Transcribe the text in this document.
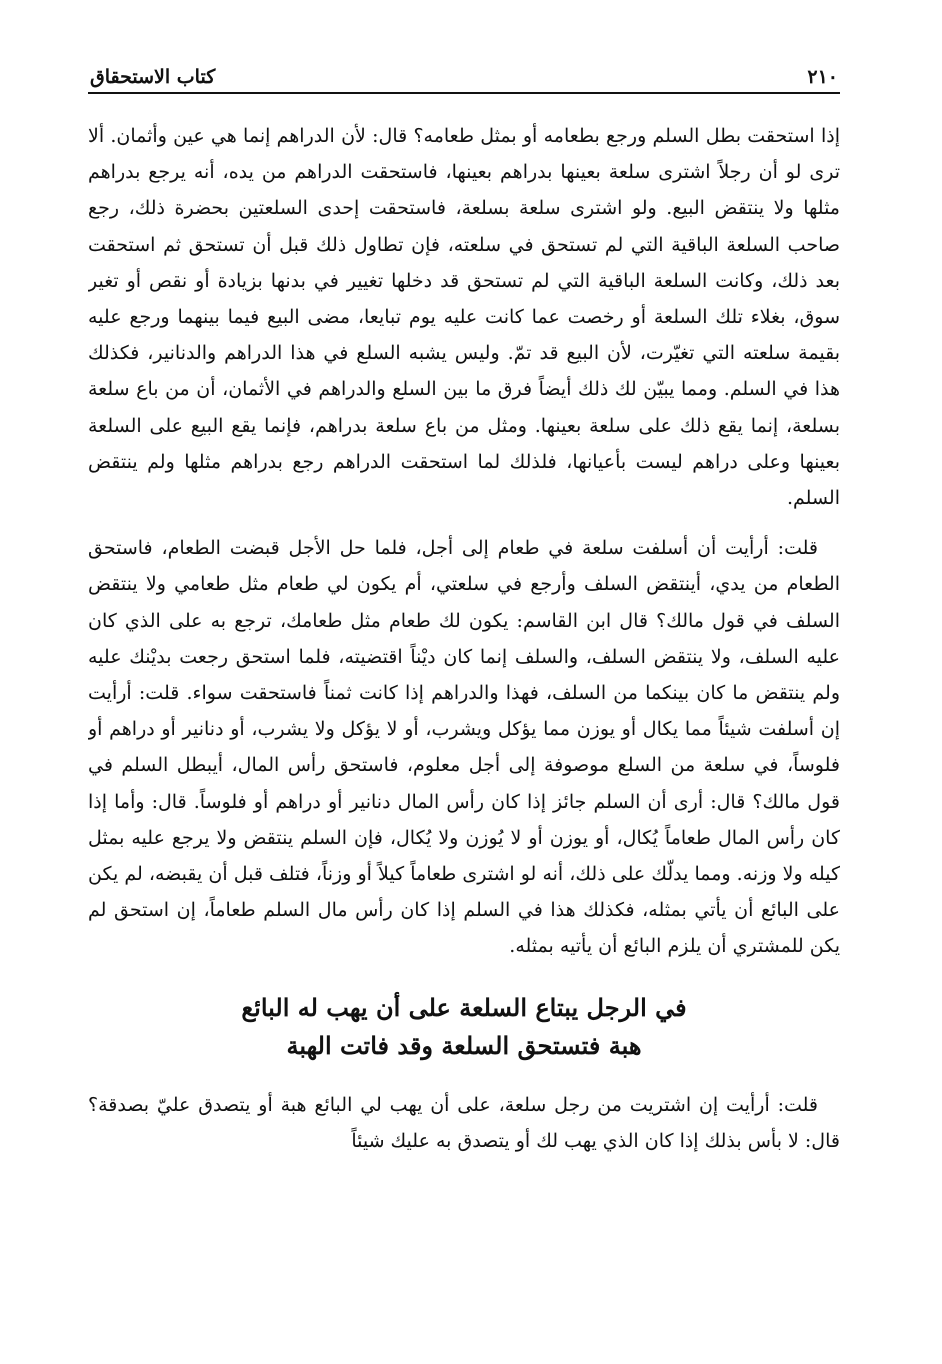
٢١٠
كتاب الاستحقاق

إذا استحقت بطل السلم ورجع بطعامه أو بمثل طعامه؟ قال: لأن الدراهم إنما هي عين وأثمان. ألا ترى لو أن رجلاً اشترى سلعة بعينها بدراهم بعينها، فاستحقت الدراهم من يده، أنه يرجع بدراهم مثلها ولا ينتقض البيع. ولو اشترى سلعة بسلعة، فاستحقت إحدى السلعتين بحضرة ذلك، رجع صاحب السلعة الباقية التي لم تستحق في سلعته، فإن تطاول ذلك قبل أن تستحق ثم استحقت بعد ذلك، وكانت السلعة الباقية التي لم تستحق قد دخلها تغيير في بدنها بزيادة أو نقص أو تغير سوق، بغلاء تلك السلعة أو رخصت عما كانت عليه يوم تبايعا، مضى البيع فيما بينهما ورجع عليه بقيمة سلعته التي تغيّرت، لأن البيع قد تمّ. وليس يشبه السلع في هذا الدراهم والدنانير، فكذلك هذا في السلم. ومما يبيّن لك ذلك أيضاً فرق ما بين السلع والدراهم في الأثمان، أن من باع سلعة بسلعة، إنما يقع ذلك على سلعة بعينها. ومثل من باع سلعة بدراهم، فإنما يقع البيع على السلعة بعينها وعلى دراهم ليست بأعيانها، فلذلك لما استحقت الدراهم رجع بدراهم مثلها ولم ينتقض السلم.

قلت: أرأيت أن أسلفت سلعة في طعام إلى أجل، فلما حل الأجل قبضت الطعام، فاستحق الطعام من يدي، أينتقض السلف وأرجع في سلعتي، أم يكون لي طعام مثل طعامي ولا ينتقض السلف في قول مالك؟ قال ابن القاسم: يكون لك طعام مثل طعامك، ترجع به على الذي كان عليه السلف، ولا ينتقض السلف، والسلف إنما كان ديْناً اقتضيته، فلما استحق رجعت بديْنك عليه ولم ينتقض ما كان بينكما من السلف، فهذا والدراهم إذا كانت ثمناً فاستحقت سواء. قلت: أرأيت إن أسلفت شيئاً مما يكال أو يوزن مما يؤكل ويشرب، أو لا يؤكل ولا يشرب، أو دنانير أو دراهم أو فلوساً، في سلعة من السلع موصوفة إلى أجل معلوم، فاستحق رأس المال، أيبطل السلم في قول مالك؟ قال: أرى أن السلم جائز إذا كان رأس المال دنانير أو دراهم أو فلوساً. قال: وأما إذا كان رأس المال طعاماً يُكال، أو يوزن أو لا يُوزن ولا يُكال، فإن السلم ينتقض ولا يرجع عليه بمثل كيله ولا وزنه. ومما يدلّك على ذلك، أنه لو اشترى طعاماً كيلاً أو وزناً، فتلف قبل أن يقبضه، لم يكن على البائع أن يأتي بمثله، فكذلك هذا في السلم إذا كان رأس مال السلم طعاماً، إن استحق لم يكن للمشتري أن يلزم البائع أن يأتيه بمثله.

في الرجل يبتاع السلعة على أن يهب له البائع
هبة فتستحق السلعة وقد فاتت الهبة

قلت: أرأيت إن اشتريت من رجل سلعة، على أن يهب لي البائع هبة أو يتصدق عليّ بصدقة؟ قال: لا بأس بذلك إذا كان الذي يهب لك أو يتصدق به عليك شيئاً
